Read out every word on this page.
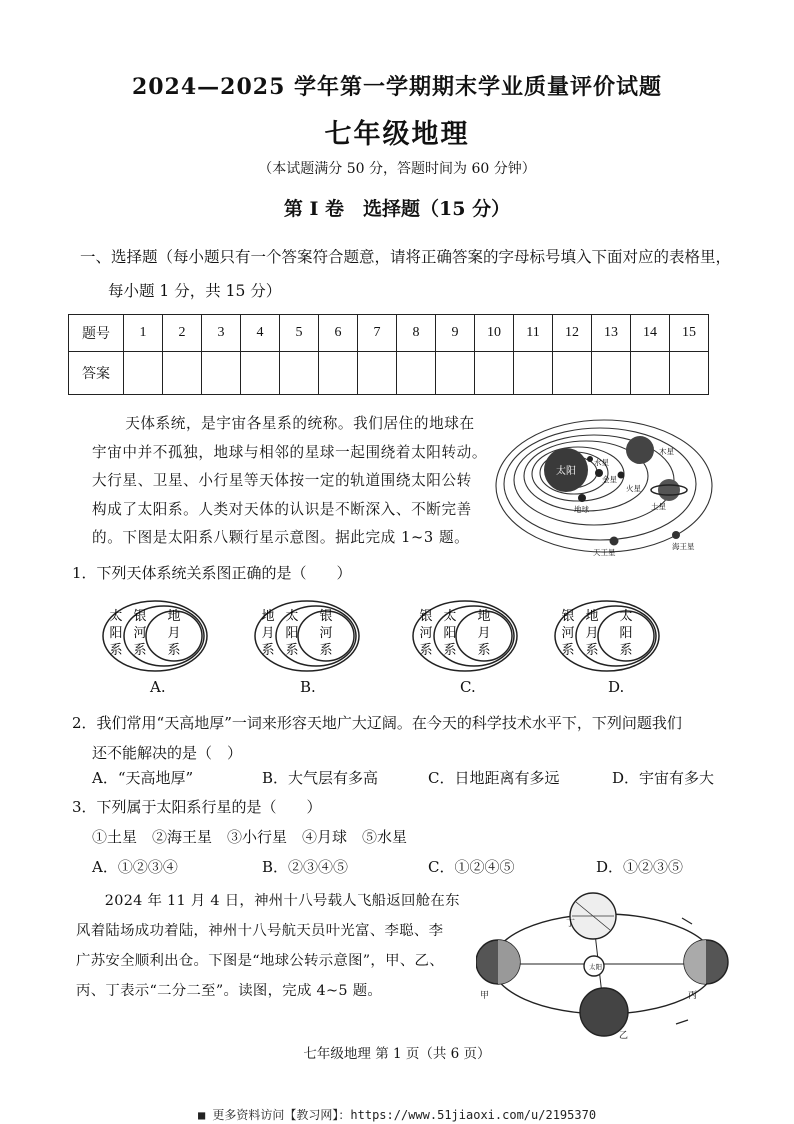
2024—2025 学年第一学期期末学业质量评价试题
七年级地理
（本试题满分 50 分，答题时间为 60 分钟）
第 I 卷　选择题（15 分）
一、选择题（每小题只有一个答案符合题意，请将正确答案的字母标号填入下面对应的表格里，
每小题 1 分，共 15 分）
题号	1	2	3	4	5	6	7	8	9	10	11	12	13	14	15
答案															
天体系统，是宇宙各星系的统称。我们居住的地球在
宇宙中并不孤独，地球与相邻的星球一起围绕着太阳转动。
大行星、卫星、小行星等天体按一定的轨道围绕太阳公转
构成了太阳系。人类对天体的认识是不断深入、不断完善
的。下图是太阳系八颗行星示意图。据此完成 1~3 题。
太阳
水星
金星
地球
火星
木星
土星
天王星
海王星
1．下列天体系统关系图正确的是（　　）
太阳系
银河系
地月系
A.
地月系
太阳系
银河系
B.
银河系
太阳系
地月系
C.
银河系
地月系
太阳系
D.
2．我们常用“天高地厚”一词来形容天地广大辽阔。在今天的科学技术水平下，下列问题我们
还不能解决的是（　）
A．“天高地厚”	B．大气层有多高	C．日地距离有多远	D．宇宙有多大
3．下列属于太阳系行星的是（　　）
①土星　②海王星　③小行星　④月球　⑤水星
A．①②③④	B．②③④⑤	C．①②④⑤	D．①②③⑤
2024 年 11 月 4 日，神州十八号载人飞船返回舱在东
风着陆场成功着陆，神州十八号航天员叶光富、李聪、李
广苏安全顺利出仓。下图是“地球公转示意图”，甲、乙、
丙、丁表示“二分二至”。读图，完成 4~5 题。
太阳
甲
乙
丙
丁
七年级地理 第 1 页（共 6 页）
■ 更多资料访问【教习网】：https://www.51jiaoxi.com/u/2195370
